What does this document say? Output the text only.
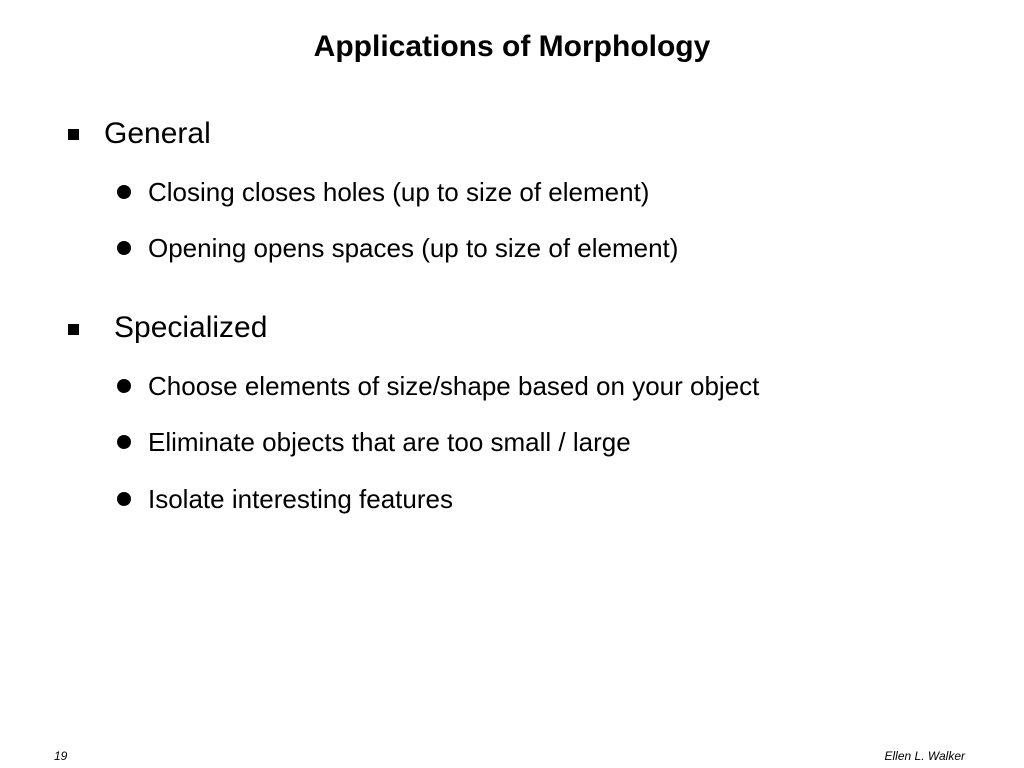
Applications of Morphology
General
Closing closes holes (up to size of element)
Opening opens spaces (up to size of element)
Specialized
Choose elements of size/shape based on your object
Eliminate objects that are too small / large
Isolate interesting features
19	Ellen L. Walker
